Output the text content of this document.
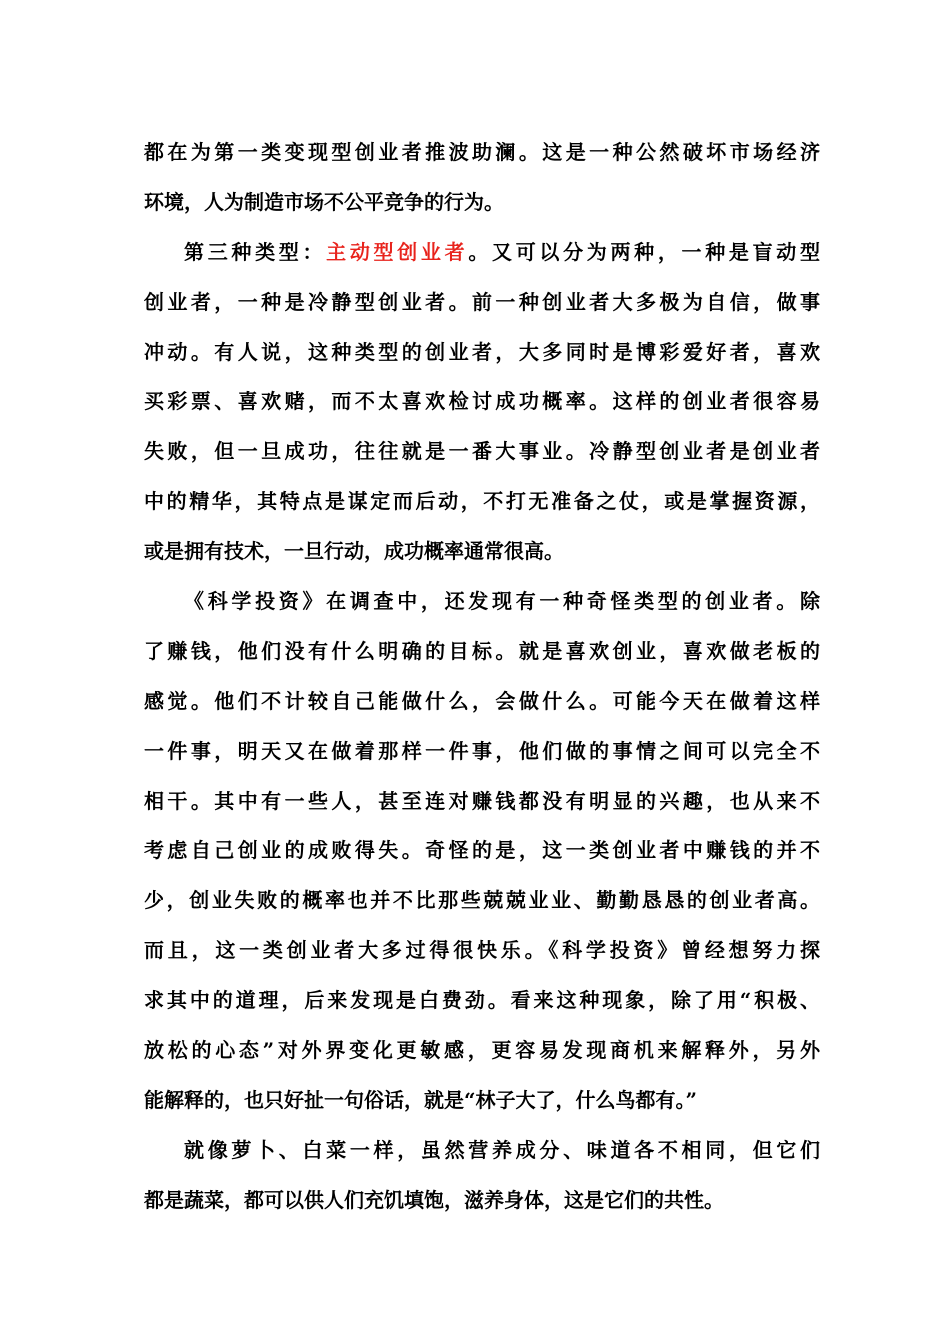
都在为第一类变现型创业者推波助澜。这是一种公然破坏市场经济
环境，人为制造市场不公平竞争的行为。
第三种类型：主动型创业者。又可以分为两种，一种是盲动型
创业者，一种是冷静型创业者。前一种创业者大多极为自信，做事
冲动。有人说，这种类型的创业者，大多同时是博彩爱好者，喜欢
买彩票、喜欢赌，而不太喜欢检讨成功概率。这样的创业者很容易
失败，但一旦成功，往往就是一番大事业。冷静型创业者是创业者
中的精华，其特点是谋定而后动，不打无准备之仗，或是掌握资源，
或是拥有技术，一旦行动，成功概率通常很高。
《科学投资》在调查中，还发现有一种奇怪类型的创业者。除
了赚钱，他们没有什么明确的目标。就是喜欢创业，喜欢做老板的
感觉。他们不计较自己能做什么，会做什么。可能今天在做着这样
一件事，明天又在做着那样一件事，他们做的事情之间可以完全不
相干。其中有一些人，甚至连对赚钱都没有明显的兴趣，也从来不
考虑自己创业的成败得失。奇怪的是，这一类创业者中赚钱的并不
少，创业失败的概率也并不比那些兢兢业业、勤勤恳恳的创业者高。
而且，这一类创业者大多过得很快乐。《科学投资》曾经想努力探
求其中的道理，后来发现是白费劲。看来这种现象，除了用“积极、
放松的心态”对外界变化更敏感，更容易发现商机来解释外，另外
能解释的，也只好扯一句俗话，就是“林子大了，什么鸟都有。”
就像萝卜、白菜一样，虽然营养成分、味道各不相同，但它们
都是蔬菜，都可以供人们充饥填饱，滋养身体，这是它们的共性。
